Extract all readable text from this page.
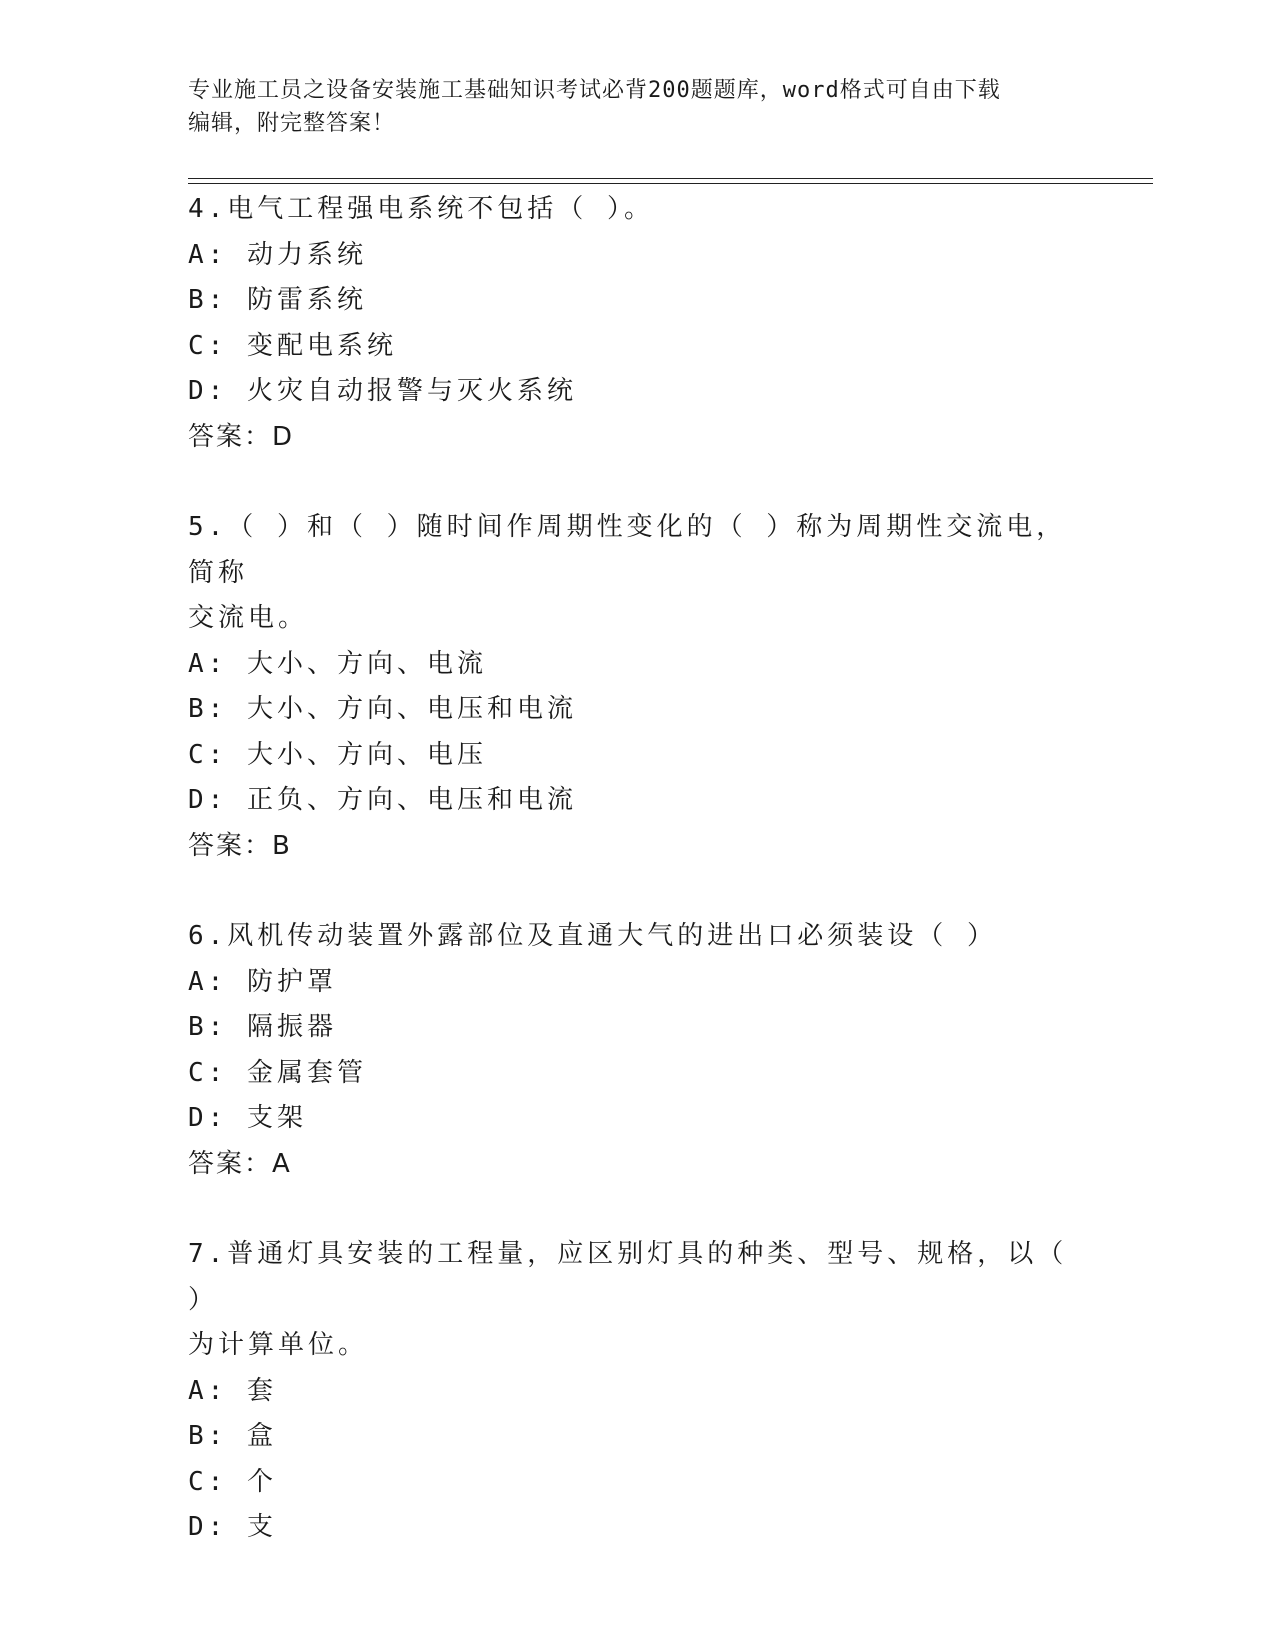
专业施工员之设备安装施工基础知识考试必背200题题库，word格式可自由下载
编辑，附完整答案！
4.电气工程强电系统不包括（ ）。
A: 动力系统
B: 防雷系统
C: 变配电系统
D: 火灾自动报警与灭火系统
答案：D
5.（ ）和（ ）随时间作周期性变化的（ ）称为周期性交流电，简称
交流电。
A: 大小、方向、电流
B: 大小、方向、电压和电流
C: 大小、方向、电压
D: 正负、方向、电压和电流
答案：B
6.风机传动装置外露部位及直通大气的进出口必须装设（ ）
A: 防护罩
B: 隔振器
C: 金属套管
D: 支架
答案：A
7.普通灯具安装的工程量，应区别灯具的种类、型号、规格，以（ ）
为计算单位。
A: 套
B: 盒
C: 个
D: 支
